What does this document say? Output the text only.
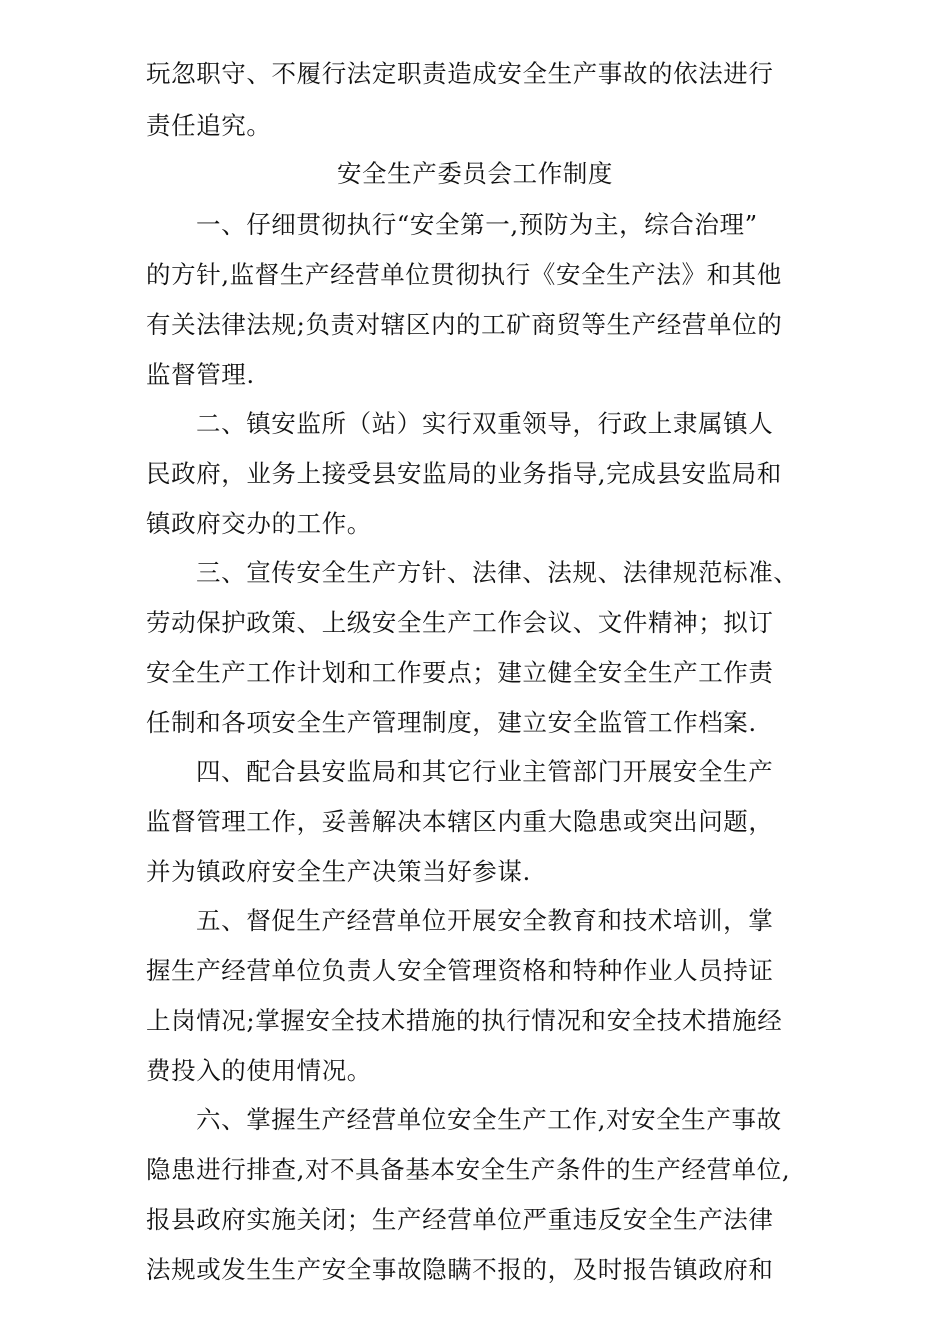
玩忽职守、不履行法定职责造成安全生产事故的依法进行
责任追究。
安全生产委员会工作制度
一、仔细贯彻执行“安全第一,预防为主，综合治理”
的方针,监督生产经营单位贯彻执行《安全生产法》和其他
有关法律法规;负责对辖区内的工矿商贸等生产经营单位的
监督管理.
二、镇安监所（站）实行双重领导，行政上隶属镇人
民政府，业务上接受县安监局的业务指导,完成县安监局和
镇政府交办的工作。
三、宣传安全生产方针、法律、法规、法律规范标准、
劳动保护政策、上级安全生产工作会议、文件精神；拟订
安全生产工作计划和工作要点；建立健全安全生产工作责
任制和各项安全生产管理制度，建立安全监管工作档案.
四、配合县安监局和其它行业主管部门开展安全生产
监督管理工作，妥善解决本辖区内重大隐患或突出问题，
并为镇政府安全生产决策当好参谋.
五、督促生产经营单位开展安全教育和技术培训，掌
握生产经营单位负责人安全管理资格和特种作业人员持证
上岗情况;掌握安全技术措施的执行情况和安全技术措施经
费投入的使用情况。
六、掌握生产经营单位安全生产工作,对安全生产事故
隐患进行排查,对不具备基本安全生产条件的生产经营单位,
报县政府实施关闭；生产经营单位严重违反安全生产法律
法规或发生生产安全事故隐瞒不报的，及时报告镇政府和
